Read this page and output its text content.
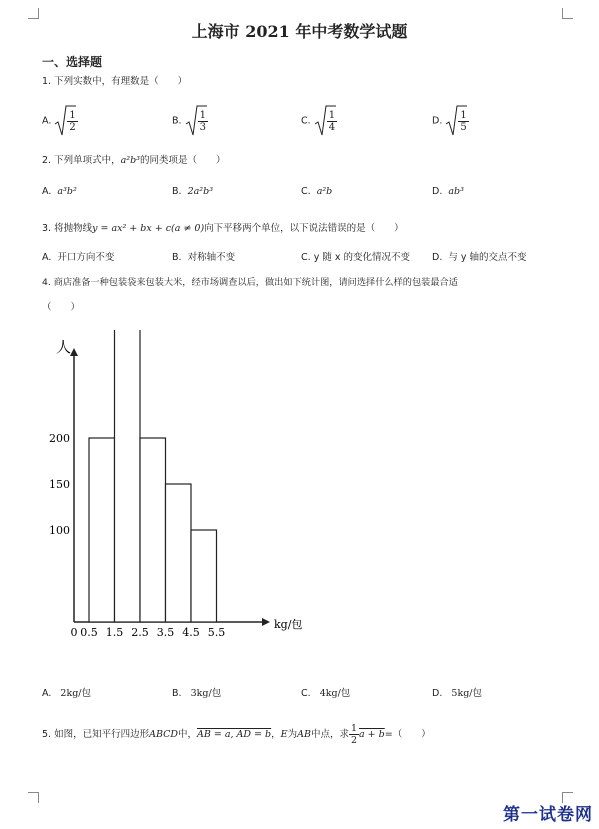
上海市 2021 年中考数学试题
一、选择题
1. 下列实数中，有理数是（　　）
A. $\frac{1}{2}$	B. $\frac{1}{3}$	C. $\frac{1}{4}$	D. $\frac{1}{5}$
2. 下列单项式中，a²b³的同类项是（　　）
A. a³b²	B. 2a²b³	C. a²b	D. ab³
3. 将抛物线y = ax² + bx + c(a ≠ 0)向下平移两个单位，以下说法错误的是（　　）
A. 开口方向不变	B. 对称轴不变	C. y 随 x 的变化情况不变 D. 与 y 轴的交点不变
4. 商店准备一种包装袋来包装大米，经市场调查以后，做出如下统计图，请问选择什么样的包装最合适
（　　）
100
150
200
0 0.5 1.5 2.5 3.5 4.5 5.5
人
kg/包
A. 2kg/包	B. 3kg/包	C. 4kg/包	D. 5kg/包
5. 如图，已知平行四边形ABCD中，AB = a, AD = b，E为AB中点，求 $\frac{1}{2}$ a + b=（　　）
第一试卷网
